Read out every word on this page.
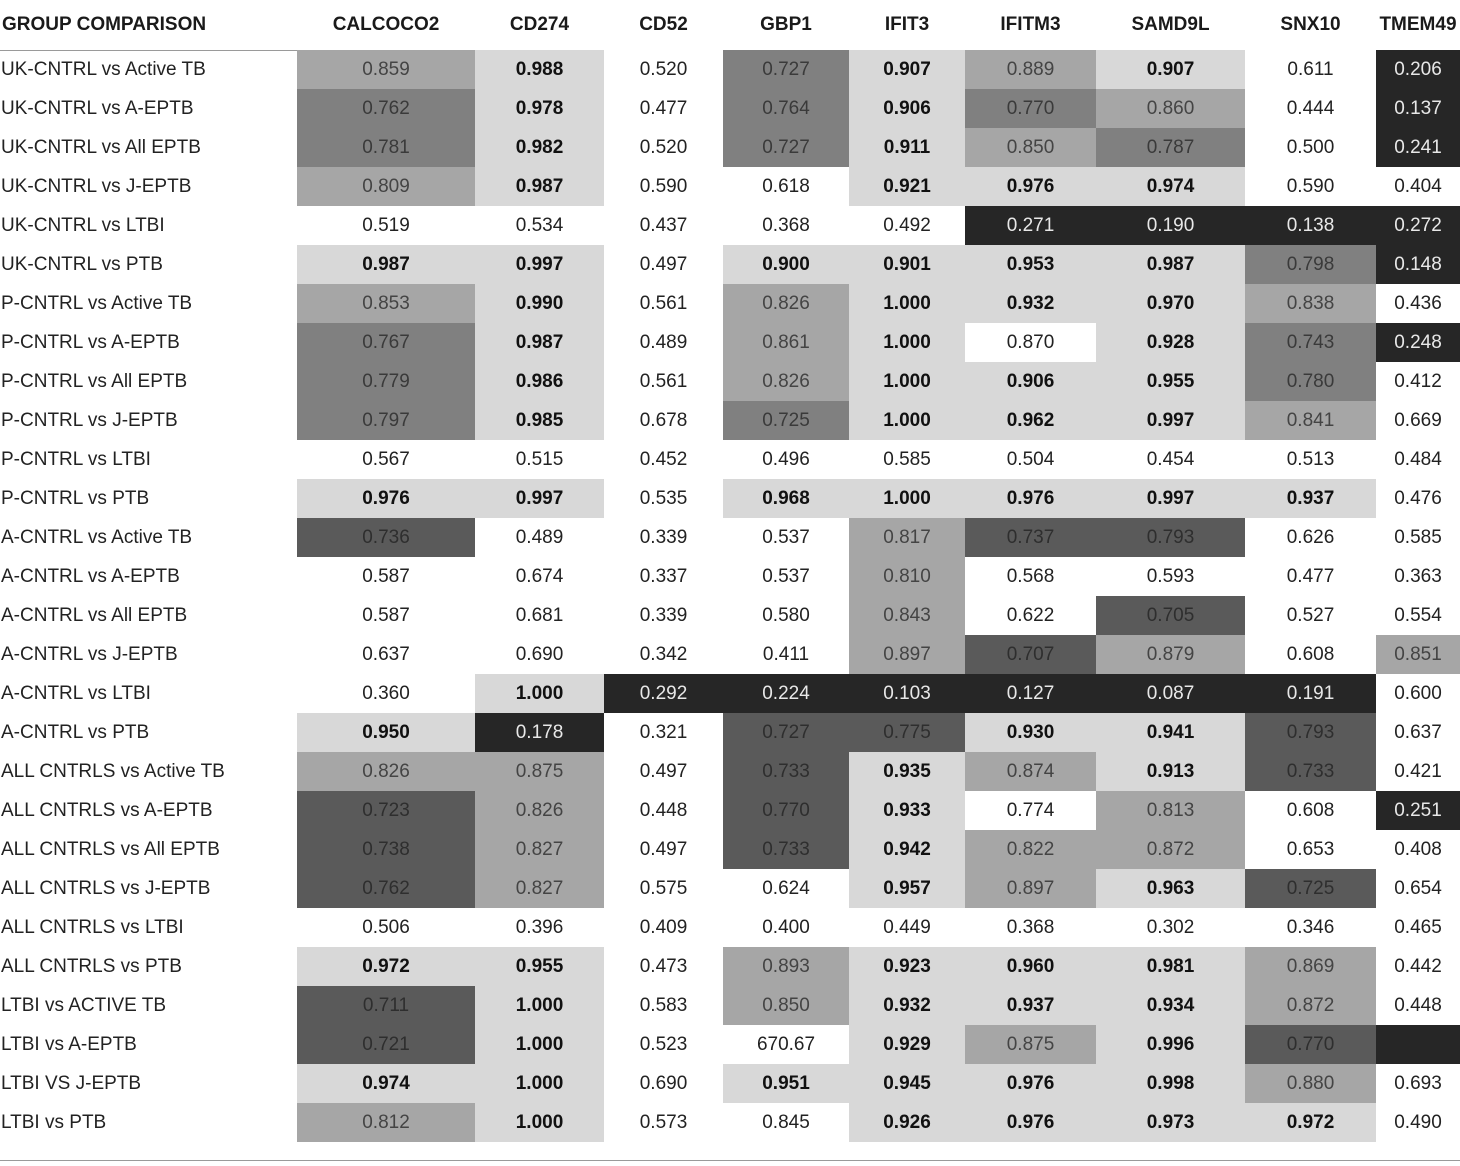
GROUP COMPARISON	CALCOCO2	CD274	CD52	GBP1	IFIT3	IFITM3	SAMD9L	SNX10	TMEM49
UK-CNTRL vs Active TB	0.859	0.988	0.520	0.727	0.907	0.889	0.907	0.611	0.206
UK-CNTRL vs A-EPTB	0.762	0.978	0.477	0.764	0.906	0.770	0.860	0.444	0.137
UK-CNTRL vs All EPTB	0.781	0.982	0.520	0.727	0.911	0.850	0.787	0.500	0.241
UK-CNTRL vs J-EPTB	0.809	0.987	0.590	0.618	0.921	0.976	0.974	0.590	0.404
UK-CNTRL vs LTBI	0.519	0.534	0.437	0.368	0.492	0.271	0.190	0.138	0.272
UK-CNTRL vs PTB	0.987	0.997	0.497	0.900	0.901	0.953	0.987	0.798	0.148
P-CNTRL vs Active TB	0.853	0.990	0.561	0.826	1.000	0.932	0.970	0.838	0.436
P-CNTRL vs A-EPTB	0.767	0.987	0.489	0.861	1.000	0.870	0.928	0.743	0.248
P-CNTRL vs All EPTB	0.779	0.986	0.561	0.826	1.000	0.906	0.955	0.780	0.412
P-CNTRL vs J-EPTB	0.797	0.985	0.678	0.725	1.000	0.962	0.997	0.841	0.669
P-CNTRL vs LTBI	0.567	0.515	0.452	0.496	0.585	0.504	0.454	0.513	0.484
P-CNTRL vs PTB	0.976	0.997	0.535	0.968	1.000	0.976	0.997	0.937	0.476
A-CNTRL vs Active TB	0.736	0.489	0.339	0.537	0.817	0.737	0.793	0.626	0.585
A-CNTRL vs A-EPTB	0.587	0.674	0.337	0.537	0.810	0.568	0.593	0.477	0.363
A-CNTRL vs All EPTB	0.587	0.681	0.339	0.580	0.843	0.622	0.705	0.527	0.554
A-CNTRL vs J-EPTB	0.637	0.690	0.342	0.411	0.897	0.707	0.879	0.608	0.851
A-CNTRL vs LTBI	0.360	1.000	0.292	0.224	0.103	0.127	0.087	0.191	0.600
A-CNTRL vs PTB	0.950	0.178	0.321	0.727	0.775	0.930	0.941	0.793	0.637
ALL CNTRLS vs Active TB	0.826	0.875	0.497	0.733	0.935	0.874	0.913	0.733	0.421
ALL CNTRLS vs A-EPTB	0.723	0.826	0.448	0.770	0.933	0.774	0.813	0.608	0.251
ALL CNTRLS vs All EPTB	0.738	0.827	0.497	0.733	0.942	0.822	0.872	0.653	0.408
ALL CNTRLS vs J-EPTB	0.762	0.827	0.575	0.624	0.957	0.897	0.963	0.725	0.654
ALL CNTRLS vs LTBI	0.506	0.396	0.409	0.400	0.449	0.368	0.302	0.346	0.465
ALL CNTRLS vs PTB	0.972	0.955	0.473	0.893	0.923	0.960	0.981	0.869	0.442
LTBI vs ACTIVE TB	0.711	1.000	0.583	0.850	0.932	0.937	0.934	0.872	0.448
LTBI vs A-EPTB	0.721	1.000	0.523	670.67	0.929	0.875	0.996	0.770	
LTBI VS J-EPTB	0.974	1.000	0.690	0.951	0.945	0.976	0.998	0.880	0.693
LTBI vs PTB	0.812	1.000	0.573	0.845	0.926	0.976	0.973	0.972	0.490
